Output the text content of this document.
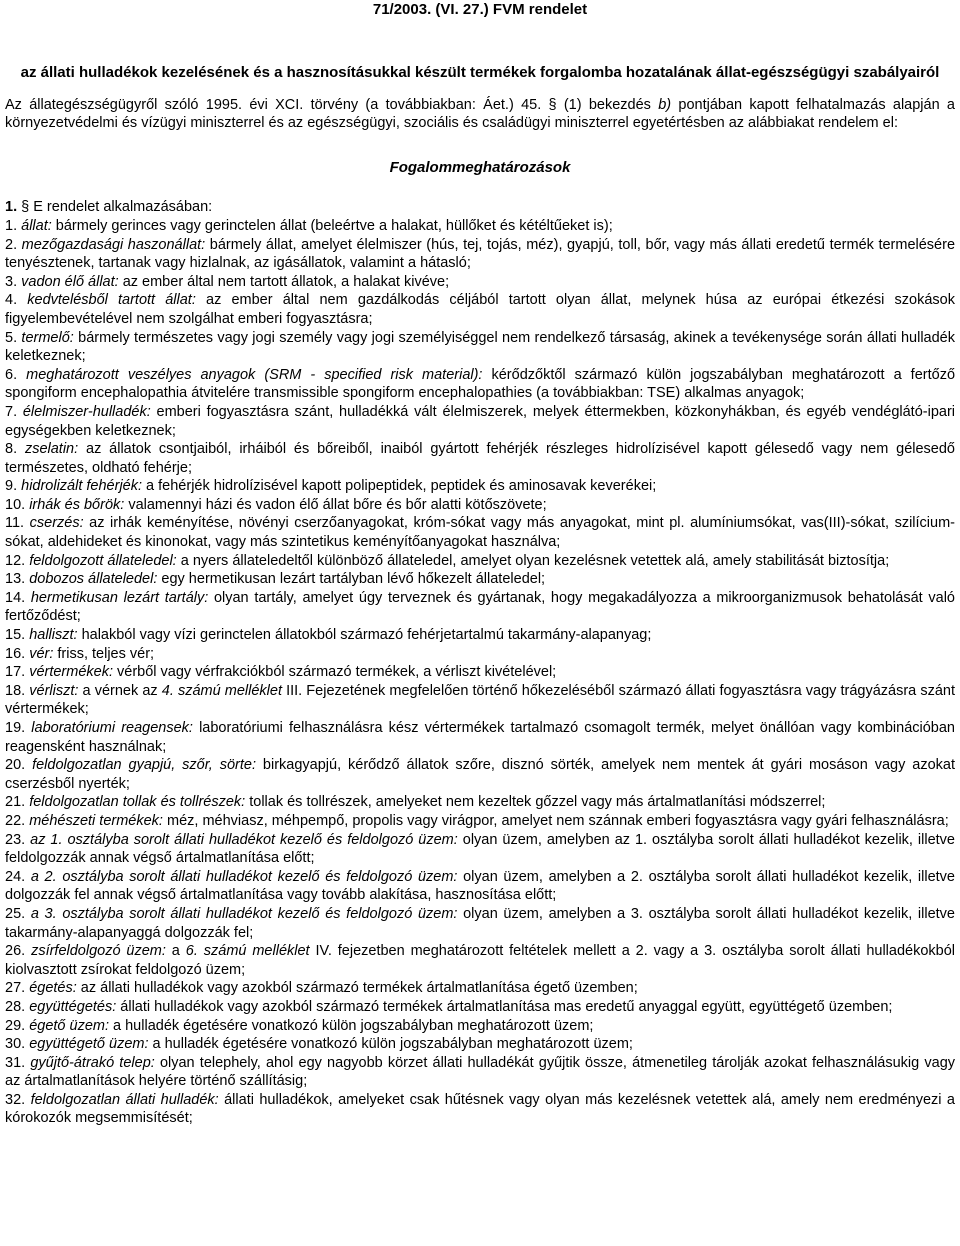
71/2003. (VI. 27.) FVM rendelet
az állati hulladékok kezelésének és a hasznosításukkal készült termékek forgalomba hozatalának állat-egészségügyi szabályairól
Az állategészségügyről szóló 1995. évi XCI. törvény (a továbbiakban: Áet.) 45. § (1) bekezdés b) pontjában kapott felhatalmazás alapján a környezetvédelmi és vízügyi miniszterrel és az egészségügyi, szociális és családügyi miniszterrel egyetértésben az alábbiakat rendelem el:
Fogalommeghatározások
1. § E rendelet alkalmazásában:
1. állat: bármely gerinces vagy gerinctelen állat (beleértve a halakat, hüllőket és kétéltűeket is);
2. mezőgazdasági haszonállat: bármely állat, amelyet élelmiszer (hús, tej, tojás, méz), gyapjú, toll, bőr, vagy más állati eredetű termék termelésére tenyésztenek, tartanak vagy hizlalnak, az igásállatok, valamint a hátasló;
3. vadon élő állat: az ember által nem tartott állatok, a halakat kivéve;
4. kedvtelésből tartott állat: az ember által nem gazdálkodás céljából tartott olyan állat, melynek húsa az európai étkezési szokások figyelembevételével nem szolgálhat emberi fogyasztásra;
5. termelő: bármely természetes vagy jogi személy vagy jogi személyiséggel nem rendelkező társaság, akinek a tevékenysége során állati hulladék keletkeznek;
6. meghatározott veszélyes anyagok (SRM - specified risk material): kérődzőktől származó külön jogszabályban meghatározott a fertőző spongiform encephalopathia átvitelére transmissible spongiform encephalopathies (a továbbiakban: TSE) alkalmas anyagok;
7. élelmiszer-hulladék: emberi fogyasztásra szánt, hulladékká vált élelmiszerek, melyek éttermekben, közkonyhákban, és egyéb vendéglátó-ipari egységekben keletkeznek;
8. zselatin: az állatok csontjaiból, irháiból és bőreiből, inaiból gyártott fehérjék részleges hidrolízisével kapott gélesedő vagy nem gélesedő természetes, oldható fehérje;
9. hidrolizált fehérjék: a fehérjék hidrolízisével kapott polipeptidek, peptidek és aminosavak keverékei;
10. irhák és bőrök: valamennyi házi és vadon élő állat bőre és bőr alatti kötőszövete;
11. cserzés: az irhák keményítése, növényi cserzőanyagokat, króm-sókat vagy más anyagokat, mint pl. alumíniumsókat, vas(III)-sókat, szilícium-sókat, aldehideket és kinonokat, vagy más szintetikus keményítőanyagokat használva;
12. feldolgozott állateledel: a nyers állateledeltől különböző állateledel, amelyet olyan kezelésnek vetettek alá, amely stabilitását biztosítja;
13. dobozos állateledel: egy hermetikusan lezárt tartályban lévő hőkezelt állateledel;
14. hermetikusan lezárt tartály: olyan tartály, amelyet úgy terveznek és gyártanak, hogy megakadályozza a mikroorganizmusok behatolását való fertőződést;
15. halliszt: halakból vagy vízi gerinctelen állatokból származó fehérjetartalmú takarmány-alapanyag;
16. vér: friss, teljes vér;
17. vértermékek: vérből vagy vérfrakciókból származó termékek, a vérliszt kivételével;
18. vérliszt: a vérnek az 4. számú melléklet III. Fejezetének megfelelően történő hőkezeléséből származó állati fogyasztásra vagy trágyázásra szánt vértermékek;
19. laboratóriumi reagensek: laboratóriumi felhasználásra kész vértermékek tartalmazó csomagolt termék, melyet önállóan vagy kombinációban reagensként használnak;
20. feldolgozatlan gyapjú, szőr, sörte: birkagyapjú, kérődző állatok szőre, disznó sörték, amelyek nem mentek át gyári mosáson vagy azokat cserzésből nyerték;
21. feldolgozatlan tollak és tollrészek: tollak és tollrészek, amelyeket nem kezeltek gőzzel vagy más ártalmatlanítási módszerrel;
22. méhészeti termékek: méz, méhviasz, méhpempő, propolis vagy virágpor, amelyet nem szánnak emberi fogyasztásra vagy gyári felhasználásra;
23. az 1. osztályba sorolt állati hulladékot kezelő és feldolgozó üzem: olyan üzem, amelyben az 1. osztályba sorolt állati hulladékot kezelik, illetve feldolgozzák annak végső ártalmatlanítása előtt;
24. a 2. osztályba sorolt állati hulladékot kezelő és feldolgozó üzem: olyan üzem, amelyben a 2. osztályba sorolt állati hulladékot kezelik, illetve dolgozzák fel annak végső ártalmatlanítása vagy tovább alakítása, hasznosítása előtt;
25. a 3. osztályba sorolt állati hulladékot kezelő és feldolgozó üzem: olyan üzem, amelyben a 3. osztályba sorolt állati hulladékot kezelik, illetve takarmány-alapanyaggá dolgozzák fel;
26. zsírfeldolgozó üzem: a 6. számú melléklet IV. fejezetben meghatározott feltételek mellett a 2. vagy a 3. osztályba sorolt állati hulladékokból kiolvasztott zsírokat feldolgozó üzem;
27. égetés: az állati hulladékok vagy azokból származó termékek ártalmatlanítása égető üzemben;
28. együttégetés: állati hulladékok vagy azokból származó termékek ártalmatlanítása mas eredetű anyaggal együtt, együttégető üzemben;
29. égető üzem: a hulladék égetésére vonatkozó külön jogszabályban meghatározott üzem;
30. együttégető üzem: a hulladék égetésére vonatkozó külön jogszabályban meghatározott üzem;
31. gyűjtő-átrakó telep: olyan telephely, ahol egy nagyobb körzet állati hulladékát gyűjtik össze, átmenetileg tárolják azokat felhasználásukig vagy az ártalmatlanítások helyére történő szállításig;
32. feldolgozatlan állati hulladék: állati hulladékok, amelyeket csak hűtésnek vagy olyan más kezelésnek vetettek alá, amely nem eredményezi a kórokozók megsemmisítését;
